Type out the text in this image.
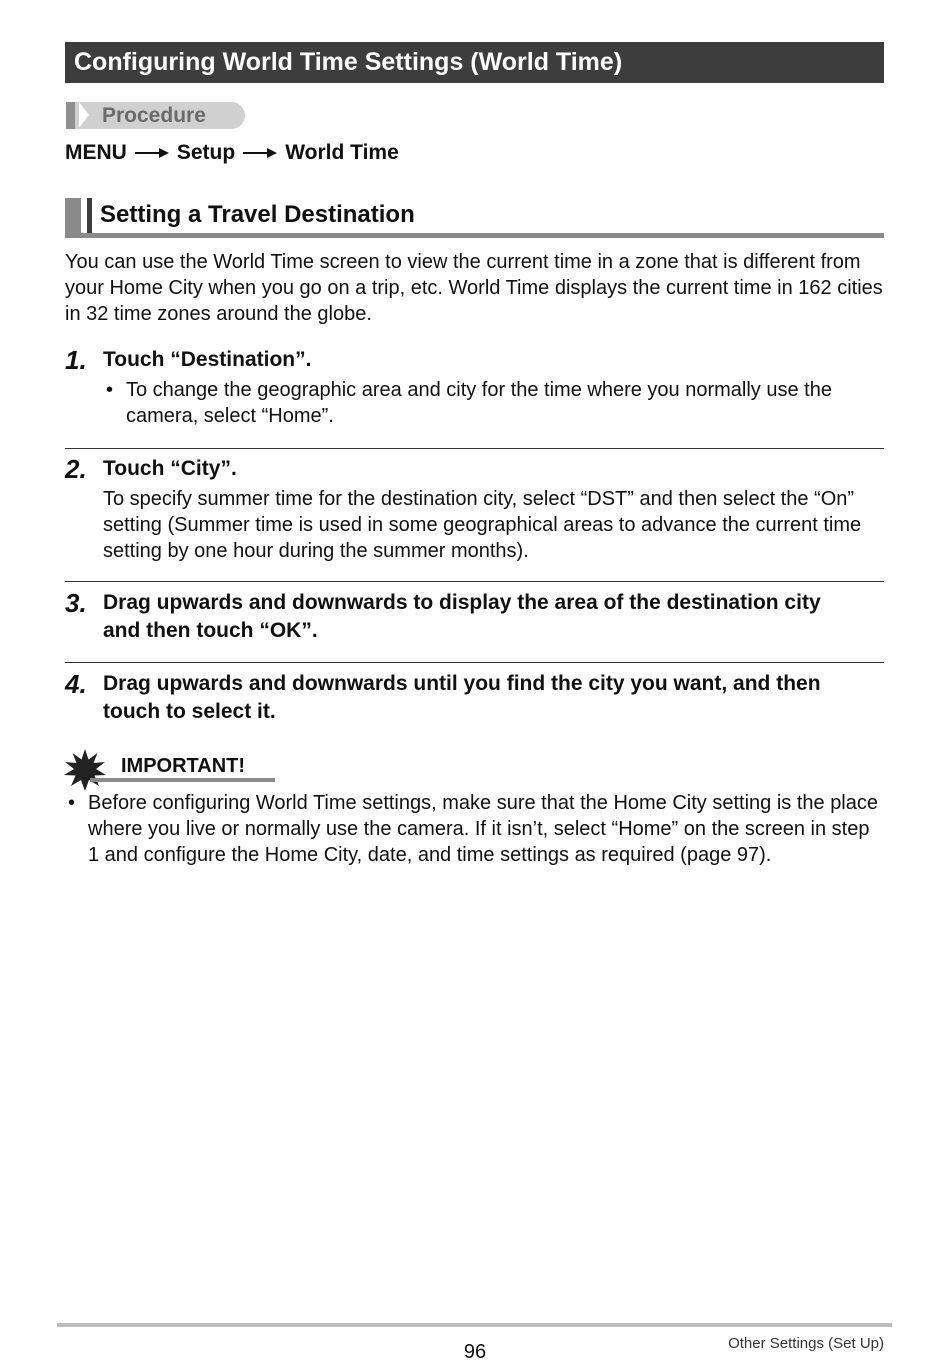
Configuring World Time Settings (World Time)
Procedure
MENU Setup World Time
Setting a Travel Destination

You can use the World Time screen to view the current time in a zone that is different from your Home City when you go on a trip, etc. World Time displays the current time in 162 cities in 32 time zones around the globe.

1. Touch “Destination”.

• To change the geographic area and city for the time where you normally use the camera, select “Home”.
2. Touch “City”.

To specify summer time for the destination city, select “DST” and then select the “On” setting (Summer time is used in some geographical areas to advance the current time setting by one hour during the summer months).

3. Drag upwards and downwards to display the area of the destination city and then touch “OK”.

4. Drag upwards and downwards until you find the city you want, and then touch to select it.

IMPORTANT!
• Before configuring World Time settings, make sure that the Home City setting is the place where you live or normally use the camera. If it isn’t, select “Home” on the screen in step 1 and configure the Home City, date, and time settings as required (page 97).
96	Other Settings (Set Up)
